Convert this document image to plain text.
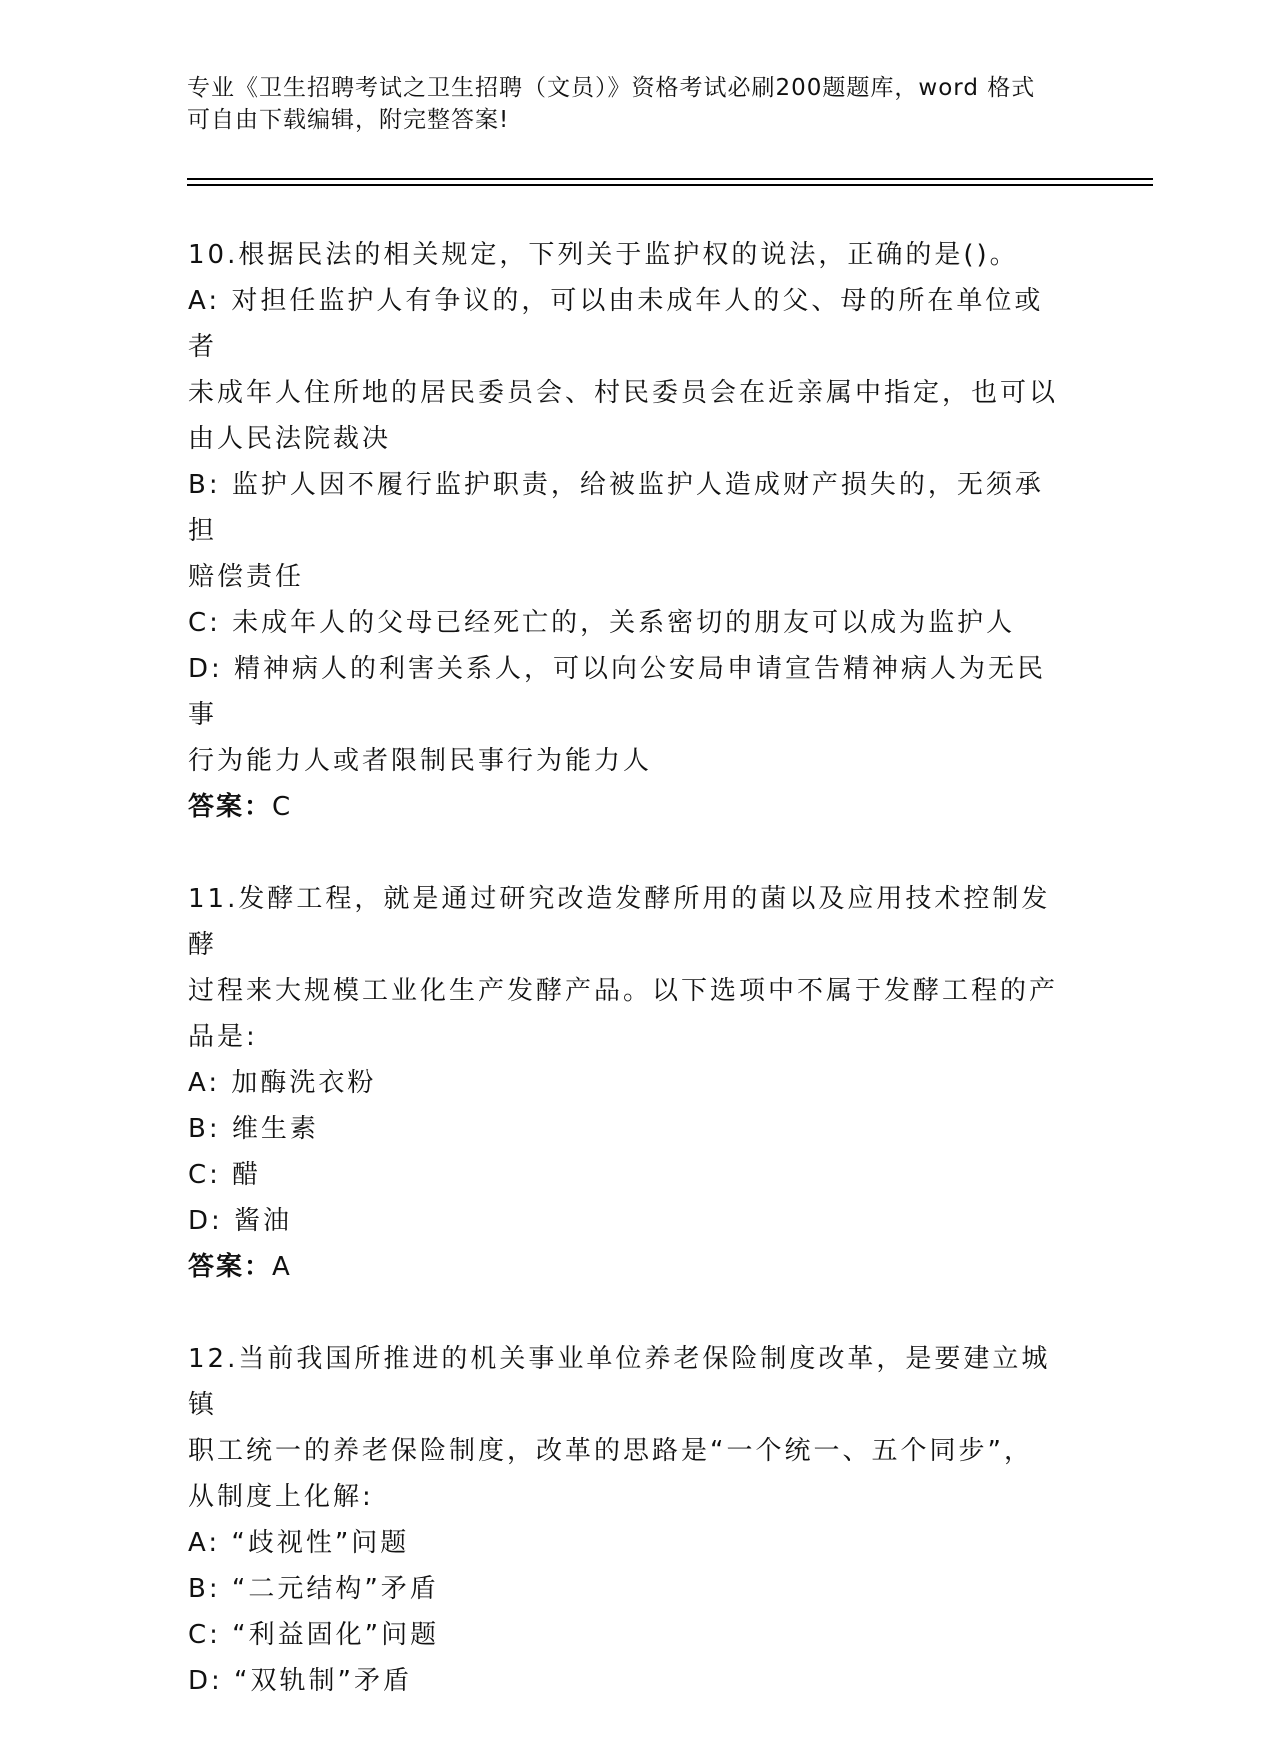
专业《卫生招聘考试之卫生招聘（文员）》资格考试必刷200题题库，word 格式
可自由下载编辑，附完整答案!
10.根据民法的相关规定，下列关于监护权的说法，正确的是()。
A: 对担任监护人有争议的，可以由未成年人的父、母的所在单位或者
未成年人住所地的居民委员会、村民委员会在近亲属中指定，也可以
由人民法院裁决
B: 监护人因不履行监护职责，给被监护人造成财产损失的，无须承担
赔偿责任
C: 未成年人的父母已经死亡的，关系密切的朋友可以成为监护人
D: 精神病人的利害关系人，可以向公安局申请宣告精神病人为无民事
行为能力人或者限制民事行为能力人
答案：C
11.发酵工程，就是通过研究改造发酵所用的菌以及应用技术控制发酵
过程来大规模工业化生产发酵产品。以下选项中不属于发酵工程的产
品是:
A: 加酶洗衣粉
B: 维生素
C: 醋
D: 酱油
答案：A
12.当前我国所推进的机关事业单位养老保险制度改革，是要建立城镇
职工统一的养老保险制度，改革的思路是“一个统一、五个同步”，
从制度上化解:
A: “歧视性”问题
B: “二元结构”矛盾
C: “利益固化”问题
D: “双轨制”矛盾
